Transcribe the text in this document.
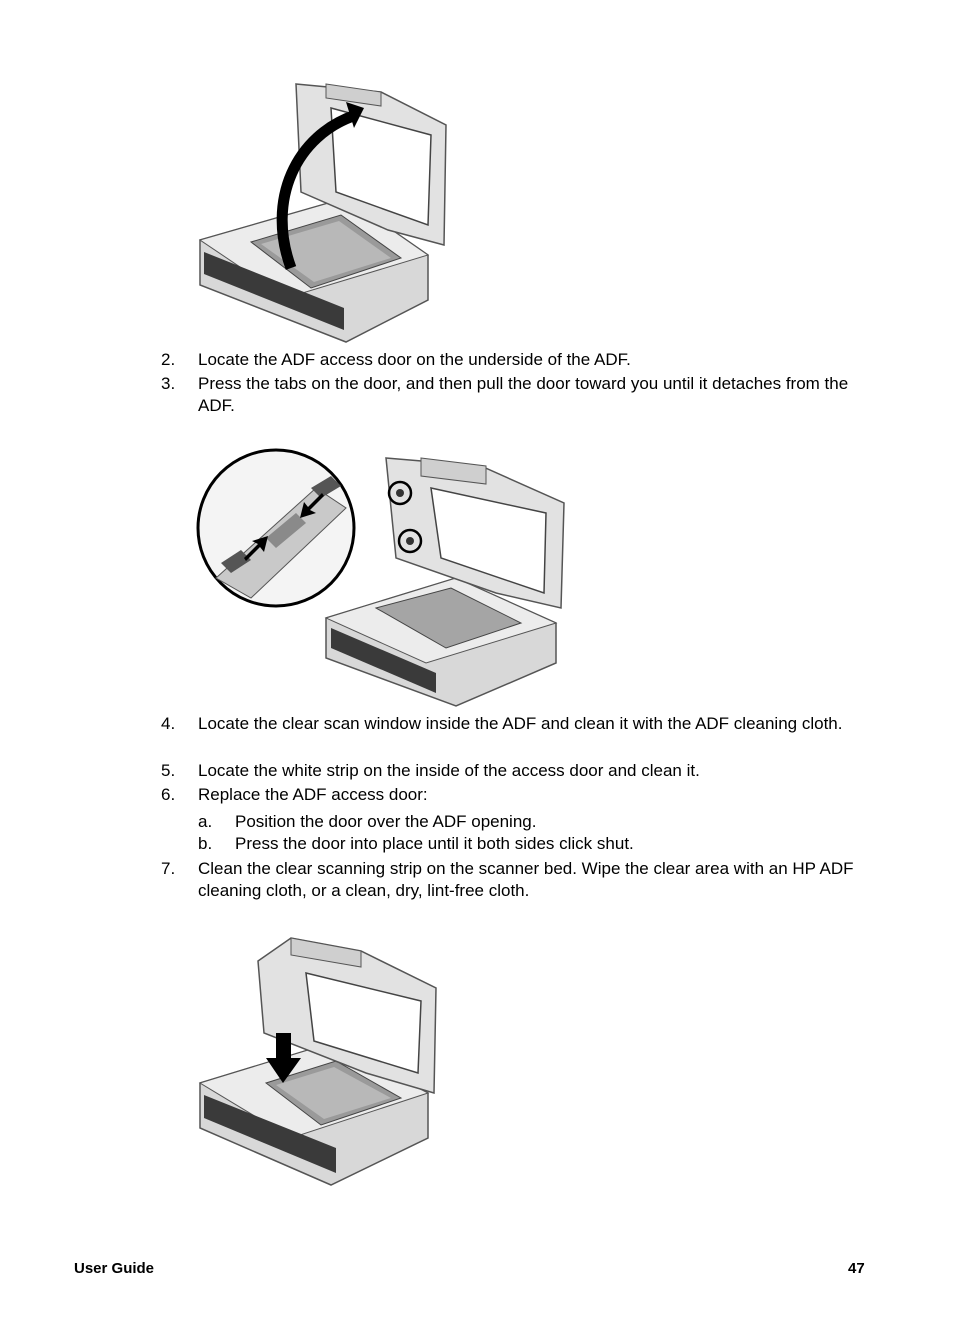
2. Locate the ADF access door on the underside of the ADF.
3. Press the tabs on the door, and then pull the door toward you until it detaches from the ADF.
4. Locate the clear scan window inside the ADF and clean it with the ADF cleaning cloth.
5. Locate the white strip on the inside of the access door and clean it.
6. Replace the ADF access door:
a. Position the door over the ADF opening.
b. Press the door into place until it both sides click shut.
7. Clean the clear scanning strip on the scanner bed. Wipe the clear area with an HP ADF cleaning cloth, or a clean, dry, lint-free cloth.
User Guide	47
